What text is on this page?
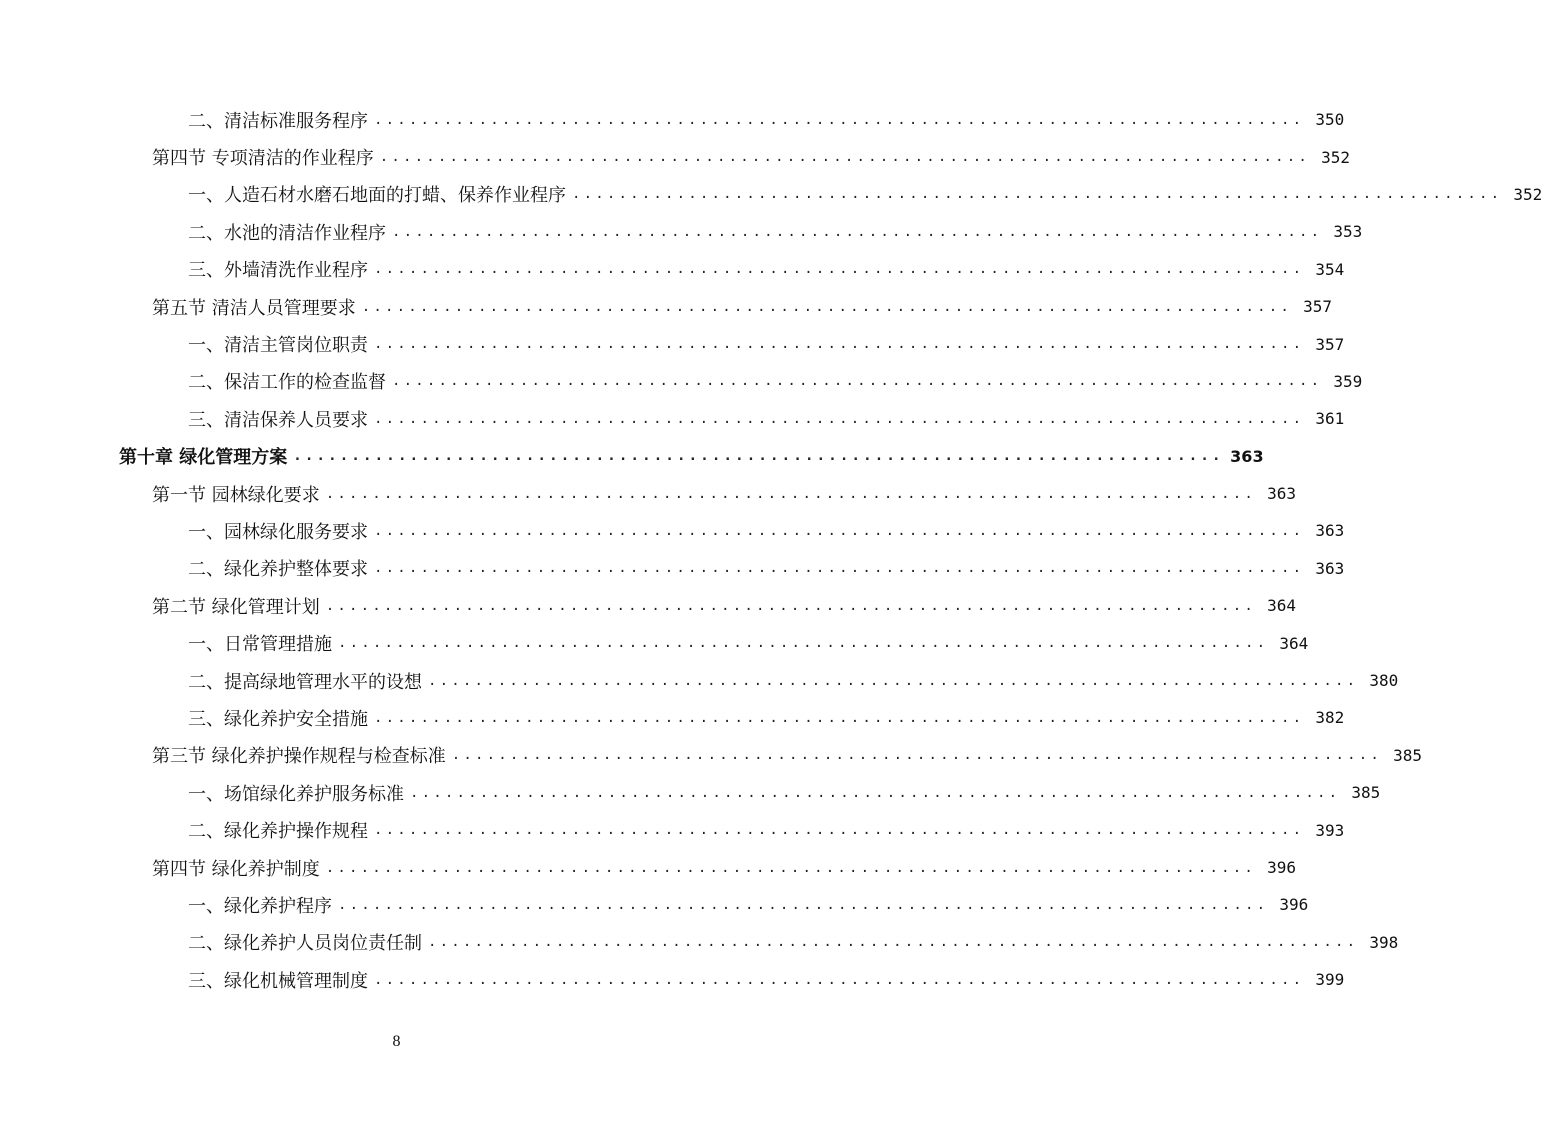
二、清洁标准服务程序 ................................................................................ 350
第四节 专项清洁的作业程序 ................................................................................ 352
一、人造石材水磨石地面的打蜡、保养作业程序 ................................................................................ 352
二、水池的清洁作业程序 ................................................................................ 353
三、外墙清洗作业程序 ................................................................................ 354
第五节 清洁人员管理要求 ................................................................................ 357
一、清洁主管岗位职责 ................................................................................ 357
二、保洁工作的检查监督 ................................................................................ 359
三、清洁保养人员要求 ................................................................................ 361
第十章 绿化管理方案 ................................................................................ 363
第一节 园林绿化要求 ................................................................................ 363
一、园林绿化服务要求 ................................................................................ 363
二、绿化养护整体要求 ................................................................................ 363
第二节 绿化管理计划 ................................................................................ 364
一、日常管理措施 ................................................................................ 364
二、提高绿地管理水平的设想 ................................................................................ 380
三、绿化养护安全措施 ................................................................................ 382
第三节 绿化养护操作规程与检查标准 ................................................................................ 385
一、场馆绿化养护服务标准 ................................................................................ 385
二、绿化养护操作规程 ................................................................................ 393
第四节 绿化养护制度 ................................................................................ 396
一、绿化养护程序 ................................................................................ 396
二、绿化养护人员岗位责任制 ................................................................................ 398
三、绿化机械管理制度 ................................................................................ 399
8
